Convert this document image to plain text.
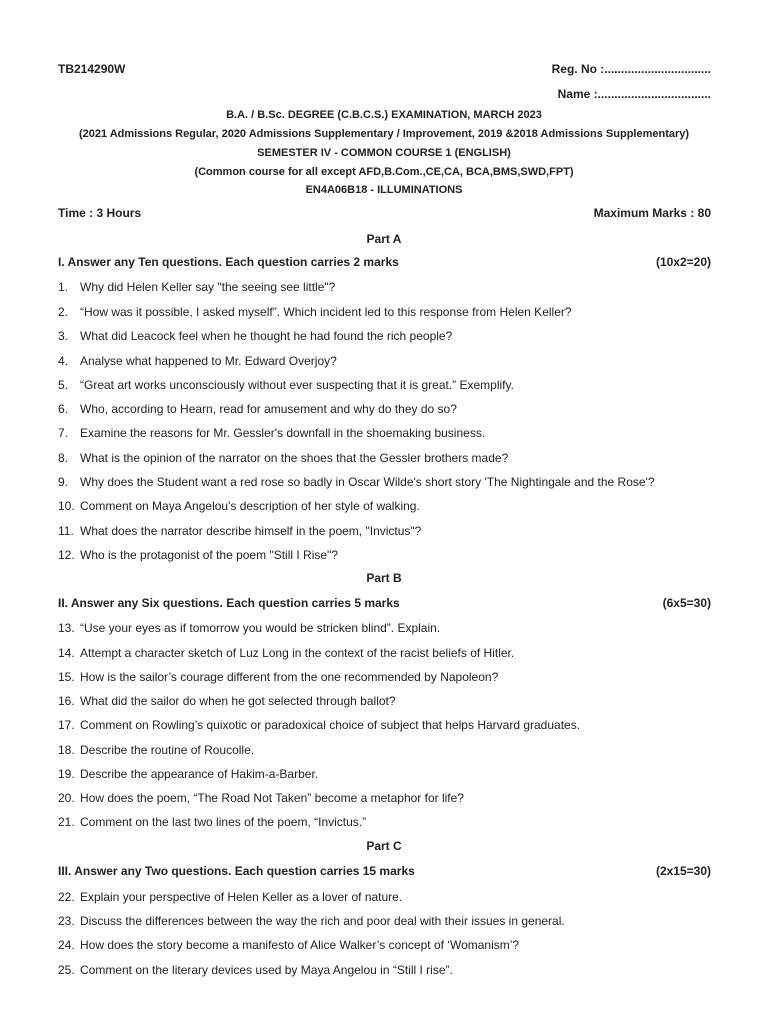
TB214290W	Reg. No :................................
Name :..................................
B.A. / B.Sc. DEGREE (C.B.C.S.) EXAMINATION, MARCH 2023
(2021 Admissions Regular, 2020 Admissions Supplementary / Improvement, 2019 &2018 Admissions Supplementary)
SEMESTER IV - COMMON COURSE 1 (ENGLISH)
(Common course for all except AFD,B.Com.,CE,CA, BCA,BMS,SWD,FPT)
EN4A06B18 - ILLUMINATIONS
Time : 3 Hours	Maximum Marks : 80
Part A
I. Answer any Ten questions. Each question carries 2 marks	(10x2=20)
1. Why did Helen Keller say "the seeing see little"?
2. “How was it possible, I asked myself”. Which incident led to this response from Helen Keller?
3. What did Leacock feel when he thought he had found the rich people?
4. Analyse what happened to Mr. Edward Overjoy?
5. “Great art works unconsciously without ever suspecting that it is great.” Exemplify.
6. Who, according to Hearn, read for amusement and why do they do so?
7. Examine the reasons for Mr. Gessler's downfall in the shoemaking business.
8. What is the opinion of the narrator on the shoes that the Gessler brothers made?
9. Why does the Student want a red rose so badly in Oscar Wilde's short story 'The Nightingale and the Rose'?
10. Comment on Maya Angelou's description of her style of walking.
11. What does the narrator describe himself in the poem, "Invictus"?
12. Who is the protagonist of the poem "Still I Rise"?
Part B
II. Answer any Six questions. Each question carries 5 marks	(6x5=30)
13. “Use your eyes as if tomorrow you would be stricken blind”. Explain.
14. Attempt a character sketch of Luz Long in the context of the racist beliefs of Hitler.
15. How is the sailor’s courage different from the one recommended by Napoleon?
16. What did the sailor do when he got selected through ballot?
17. Comment on Rowling’s quixotic or paradoxical choice of subject that helps Harvard graduates.
18. Describe the routine of Roucolle.
19. Describe the appearance of Hakim-a-Barber.
20. How does the poem, “The Road Not Taken” become a metaphor for life?
21. Comment on the last two lines of the poem, “Invictus.”
Part C
III. Answer any Two questions. Each question carries 15 marks	(2x15=30)
22. Explain your perspective of Helen Keller as a lover of nature.
23. Discuss the differences between the way the rich and poor deal with their issues in general.
24. How does the story become a manifesto of Alice Walker’s concept of ‘Womanism’?
25. Comment on the literary devices used by Maya Angelou in “Still I rise”.
